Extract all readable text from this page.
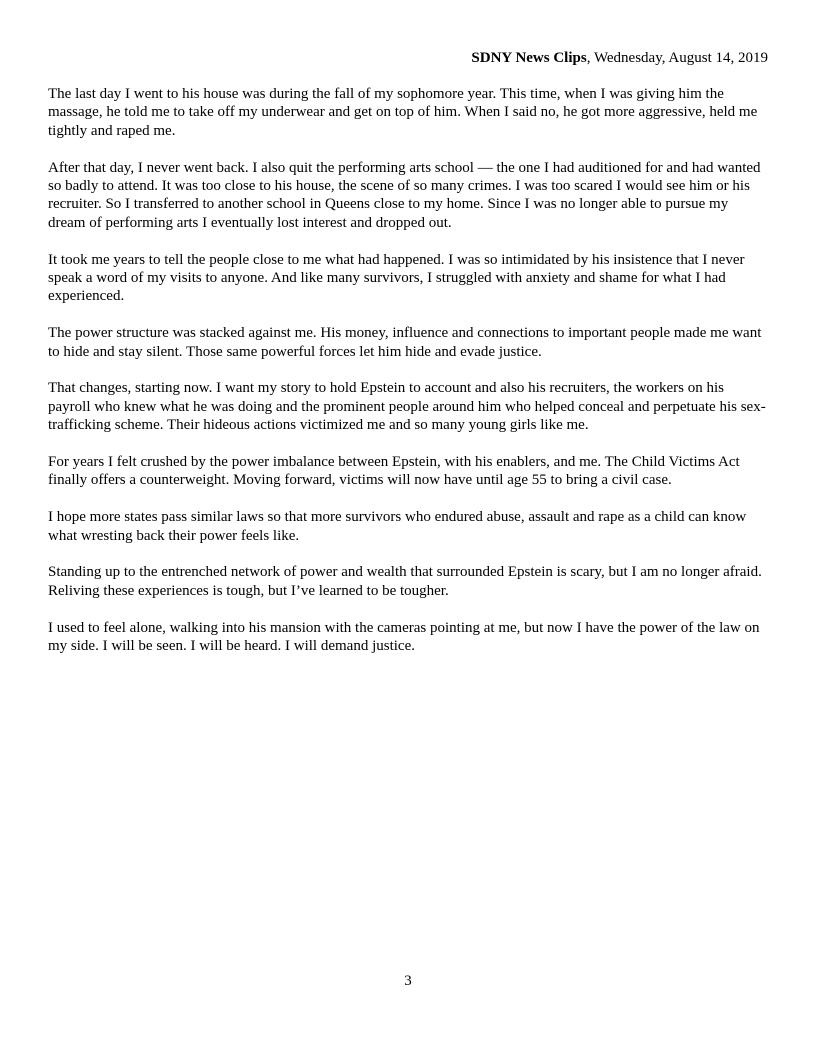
SDNY News Clips, Wednesday, August 14, 2019

The last day I went to his house was during the fall of my sophomore year. This time, when I was giving him the massage, he told me to take off my underwear and get on top of him. When I said no, he got more aggressive, held me tightly and raped me.

After that day, I never went back. I also quit the performing arts school — the one I had auditioned for and had wanted so badly to attend. It was too close to his house, the scene of so many crimes. I was too scared I would see him or his recruiter. So I transferred to another school in Queens close to my home. Since I was no longer able to pursue my dream of performing arts I eventually lost interest and dropped out.

It took me years to tell the people close to me what had happened. I was so intimidated by his insistence that I never speak a word of my visits to anyone. And like many survivors, I struggled with anxiety and shame for what I had experienced.

The power structure was stacked against me. His money, influence and connections to important people made me want to hide and stay silent. Those same powerful forces let him hide and evade justice.

That changes, starting now. I want my story to hold Epstein to account and also his recruiters, the workers on his payroll who knew what he was doing and the prominent people around him who helped conceal and perpetuate his sex-trafficking scheme. Their hideous actions victimized me and so many young girls like me.

For years I felt crushed by the power imbalance between Epstein, with his enablers, and me. The Child Victims Act finally offers a counterweight. Moving forward, victims will now have until age 55 to bring a civil case.

I hope more states pass similar laws so that more survivors who endured abuse, assault and rape as a child can know what wresting back their power feels like.

Standing up to the entrenched network of power and wealth that surrounded Epstein is scary, but I am no longer afraid. Reliving these experiences is tough, but I’ve learned to be tougher.

I used to feel alone, walking into his mansion with the cameras pointing at me, but now I have the power of the law on my side. I will be seen. I will be heard. I will demand justice.

3
